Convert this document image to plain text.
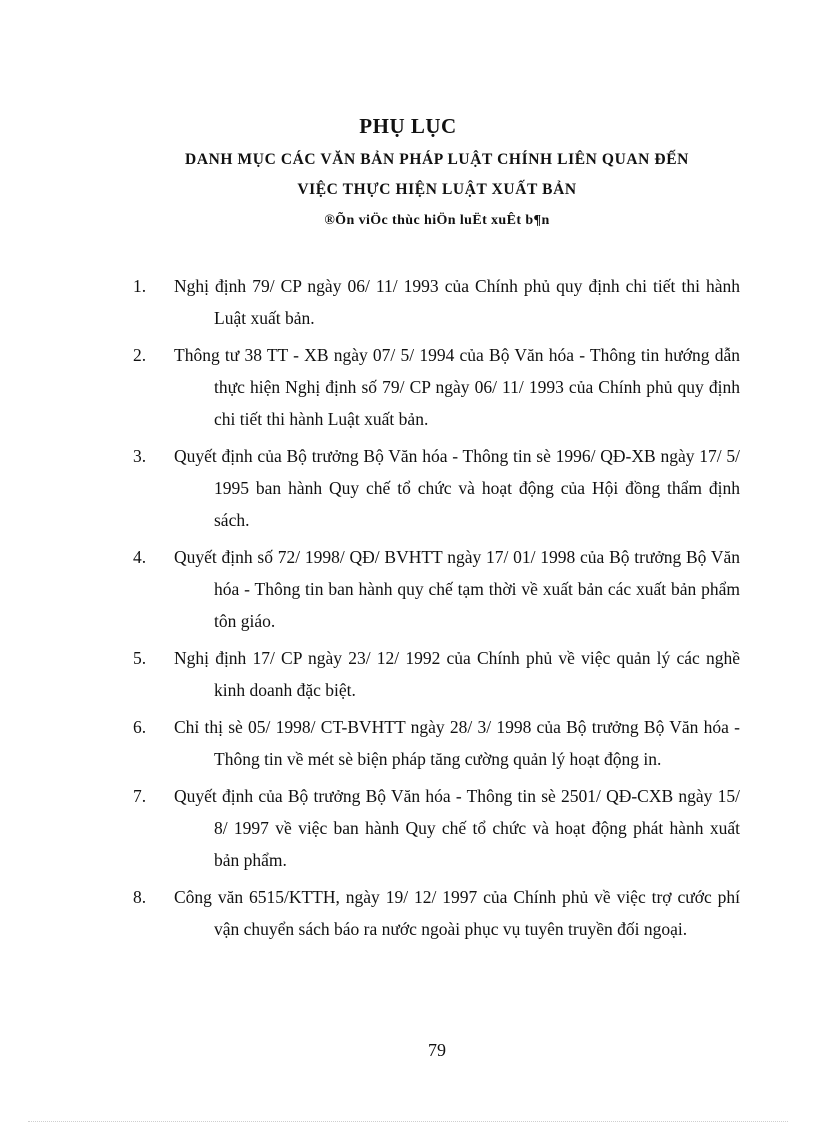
PHỤ LỤC
DANH MỤC CÁC VĂN BẢN PHÁP LUẬT CHÍNH LIÊN QUAN ĐẾN
VIỆC THỰC HIỆN LUẬT XUẤT BẢN
®Õn viÖc thùc hiÖn luËt xuÊt b¶n
1.	Nghị định 79/ CP ngày 06/ 11/ 1993 của Chính phủ quy định chi tiết thi hành Luật xuất bản.
2.	Thông tư 38 TT - XB ngày 07/ 5/ 1994 của Bộ Văn hóa - Thông tin hướng dẫn thực hiện Nghị định số 79/ CP ngày 06/ 11/ 1993 của Chính phủ quy định chi tiết thi hành Luật xuất bản.
3.	Quyết định của Bộ trưởng Bộ Văn hóa - Thông tin sè 1996/ QĐ-XB ngày 17/ 5/ 1995 ban hành Quy chế tổ chức và hoạt động của Hội đồng thẩm định sách.
4.	Quyết định số 72/ 1998/ QĐ/ BVHTT ngày 17/ 01/ 1998 của Bộ trưởng Bộ Văn hóa - Thông tin ban hành quy chế tạm thời về xuất bản các xuất bản phẩm tôn giáo.
5.	Nghị định 17/ CP ngày 23/ 12/ 1992 của Chính phủ về việc quản lý các nghề kinh doanh đặc biệt.
6.	Chỉ thị sè 05/ 1998/ CT-BVHTT ngày 28/ 3/ 1998 của Bộ trưởng Bộ Văn hóa - Thông tin về mét sè biện pháp tăng cường quản lý hoạt động in.
7.	Quyết định của Bộ trưởng Bộ Văn hóa - Thông tin sè 2501/ QĐ-CXB ngày 15/ 8/ 1997 về việc ban hành Quy chế tổ chức và hoạt động phát hành xuất bản phẩm.
8.	Công văn 6515/KTTH, ngày 19/ 12/ 1997 của Chính phủ về việc trợ cước phí vận chuyển sách báo ra nước ngoài phục vụ tuyên truyền đối ngoại.
79
